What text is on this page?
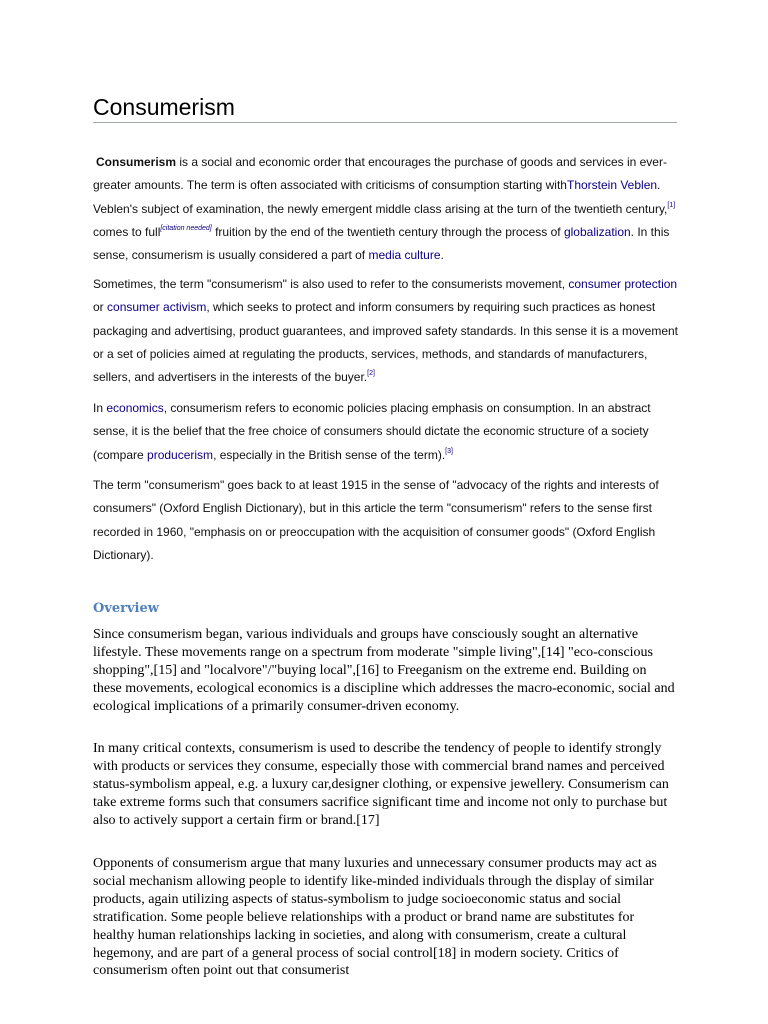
Consumerism

Consumerism is a social and economic order that encourages the purchase of goods and services in ever-greater amounts. The term is often associated with criticisms of consumption starting withThorstein Veblen. Veblen's subject of examination, the newly emergent middle class arising at the turn of the twentieth century,[1] comes to full[citation needed] fruition by the end of the twentieth century through the process of globalization. In this sense, consumerism is usually considered a part of media culture.

Sometimes, the term "consumerism" is also used to refer to the consumerists movement, consumer protection or consumer activism, which seeks to protect and inform consumers by requiring such practices as honest packaging and advertising, product guarantees, and improved safety standards. In this sense it is a movement or a set of policies aimed at regulating the products, services, methods, and standards of manufacturers, sellers, and advertisers in the interests of the buyer.[2]

In economics, consumerism refers to economic policies placing emphasis on consumption. In an abstract sense, it is the belief that the free choice of consumers should dictate the economic structure of a society (compare producerism, especially in the British sense of the term).[3]

The term "consumerism" goes back to at least 1915 in the sense of "advocacy of the rights and interests of consumers" (Oxford English Dictionary), but in this article the term "consumerism" refers to the sense first recorded in 1960, "emphasis on or preoccupation with the acquisition of consumer goods" (Oxford English Dictionary).

Overview

Since consumerism began, various individuals and groups have consciously sought an alternative lifestyle. These movements range on a spectrum from moderate "simple living",[14] "eco-conscious shopping",[15] and "localvore"/"buying local",[16] to Freeganism on the extreme end. Building on these movements, ecological economics is a discipline which addresses the macro-economic, social and ecological implications of a primarily consumer-driven economy.

In many critical contexts, consumerism is used to describe the tendency of people to identify strongly with products or services they consume, especially those with commercial brand names and perceived status-symbolism appeal, e.g. a luxury car,designer clothing, or expensive jewellery. Consumerism can take extreme forms such that consumers sacrifice significant time and income not only to purchase but also to actively support a certain firm or brand.[17]

Opponents of consumerism argue that many luxuries and unnecessary consumer products may act as social mechanism allowing people to identify like-minded individuals through the display of similar products, again utilizing aspects of status-symbolism to judge socioeconomic status and social stratification. Some people believe relationships with a product or brand name are substitutes for healthy human relationships lacking in societies, and along with consumerism, create a cultural hegemony, and are part of a general process of social control[18] in modern society. Critics of consumerism often point out that consumerist
